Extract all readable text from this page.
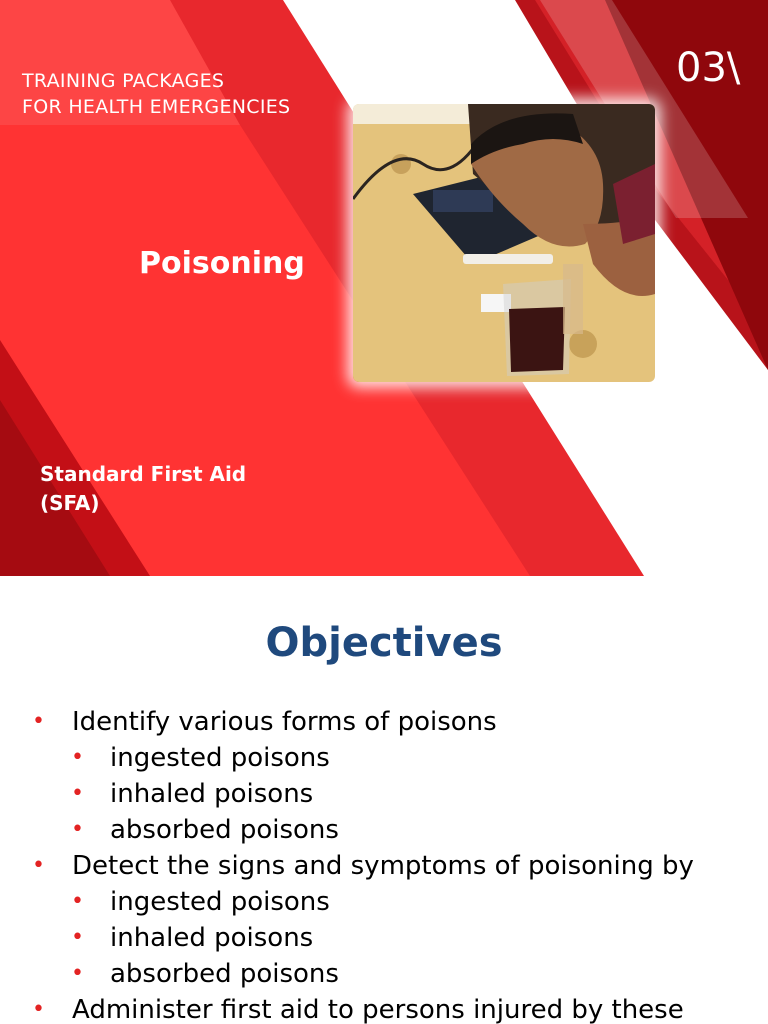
TRAINING PACKAGES
FOR HEALTH EMERGENCIES
03\
Poisoning
Standard First Aid
(SFA)
Objectives
• Identify various forms of poisons
• ingested poisons
• inhaled poisons
• absorbed poisons
• Detect the signs and symptoms of poisoning by
• ingested poisons
• inhaled poisons
• absorbed poisons
• Administer first aid to persons injured by these
